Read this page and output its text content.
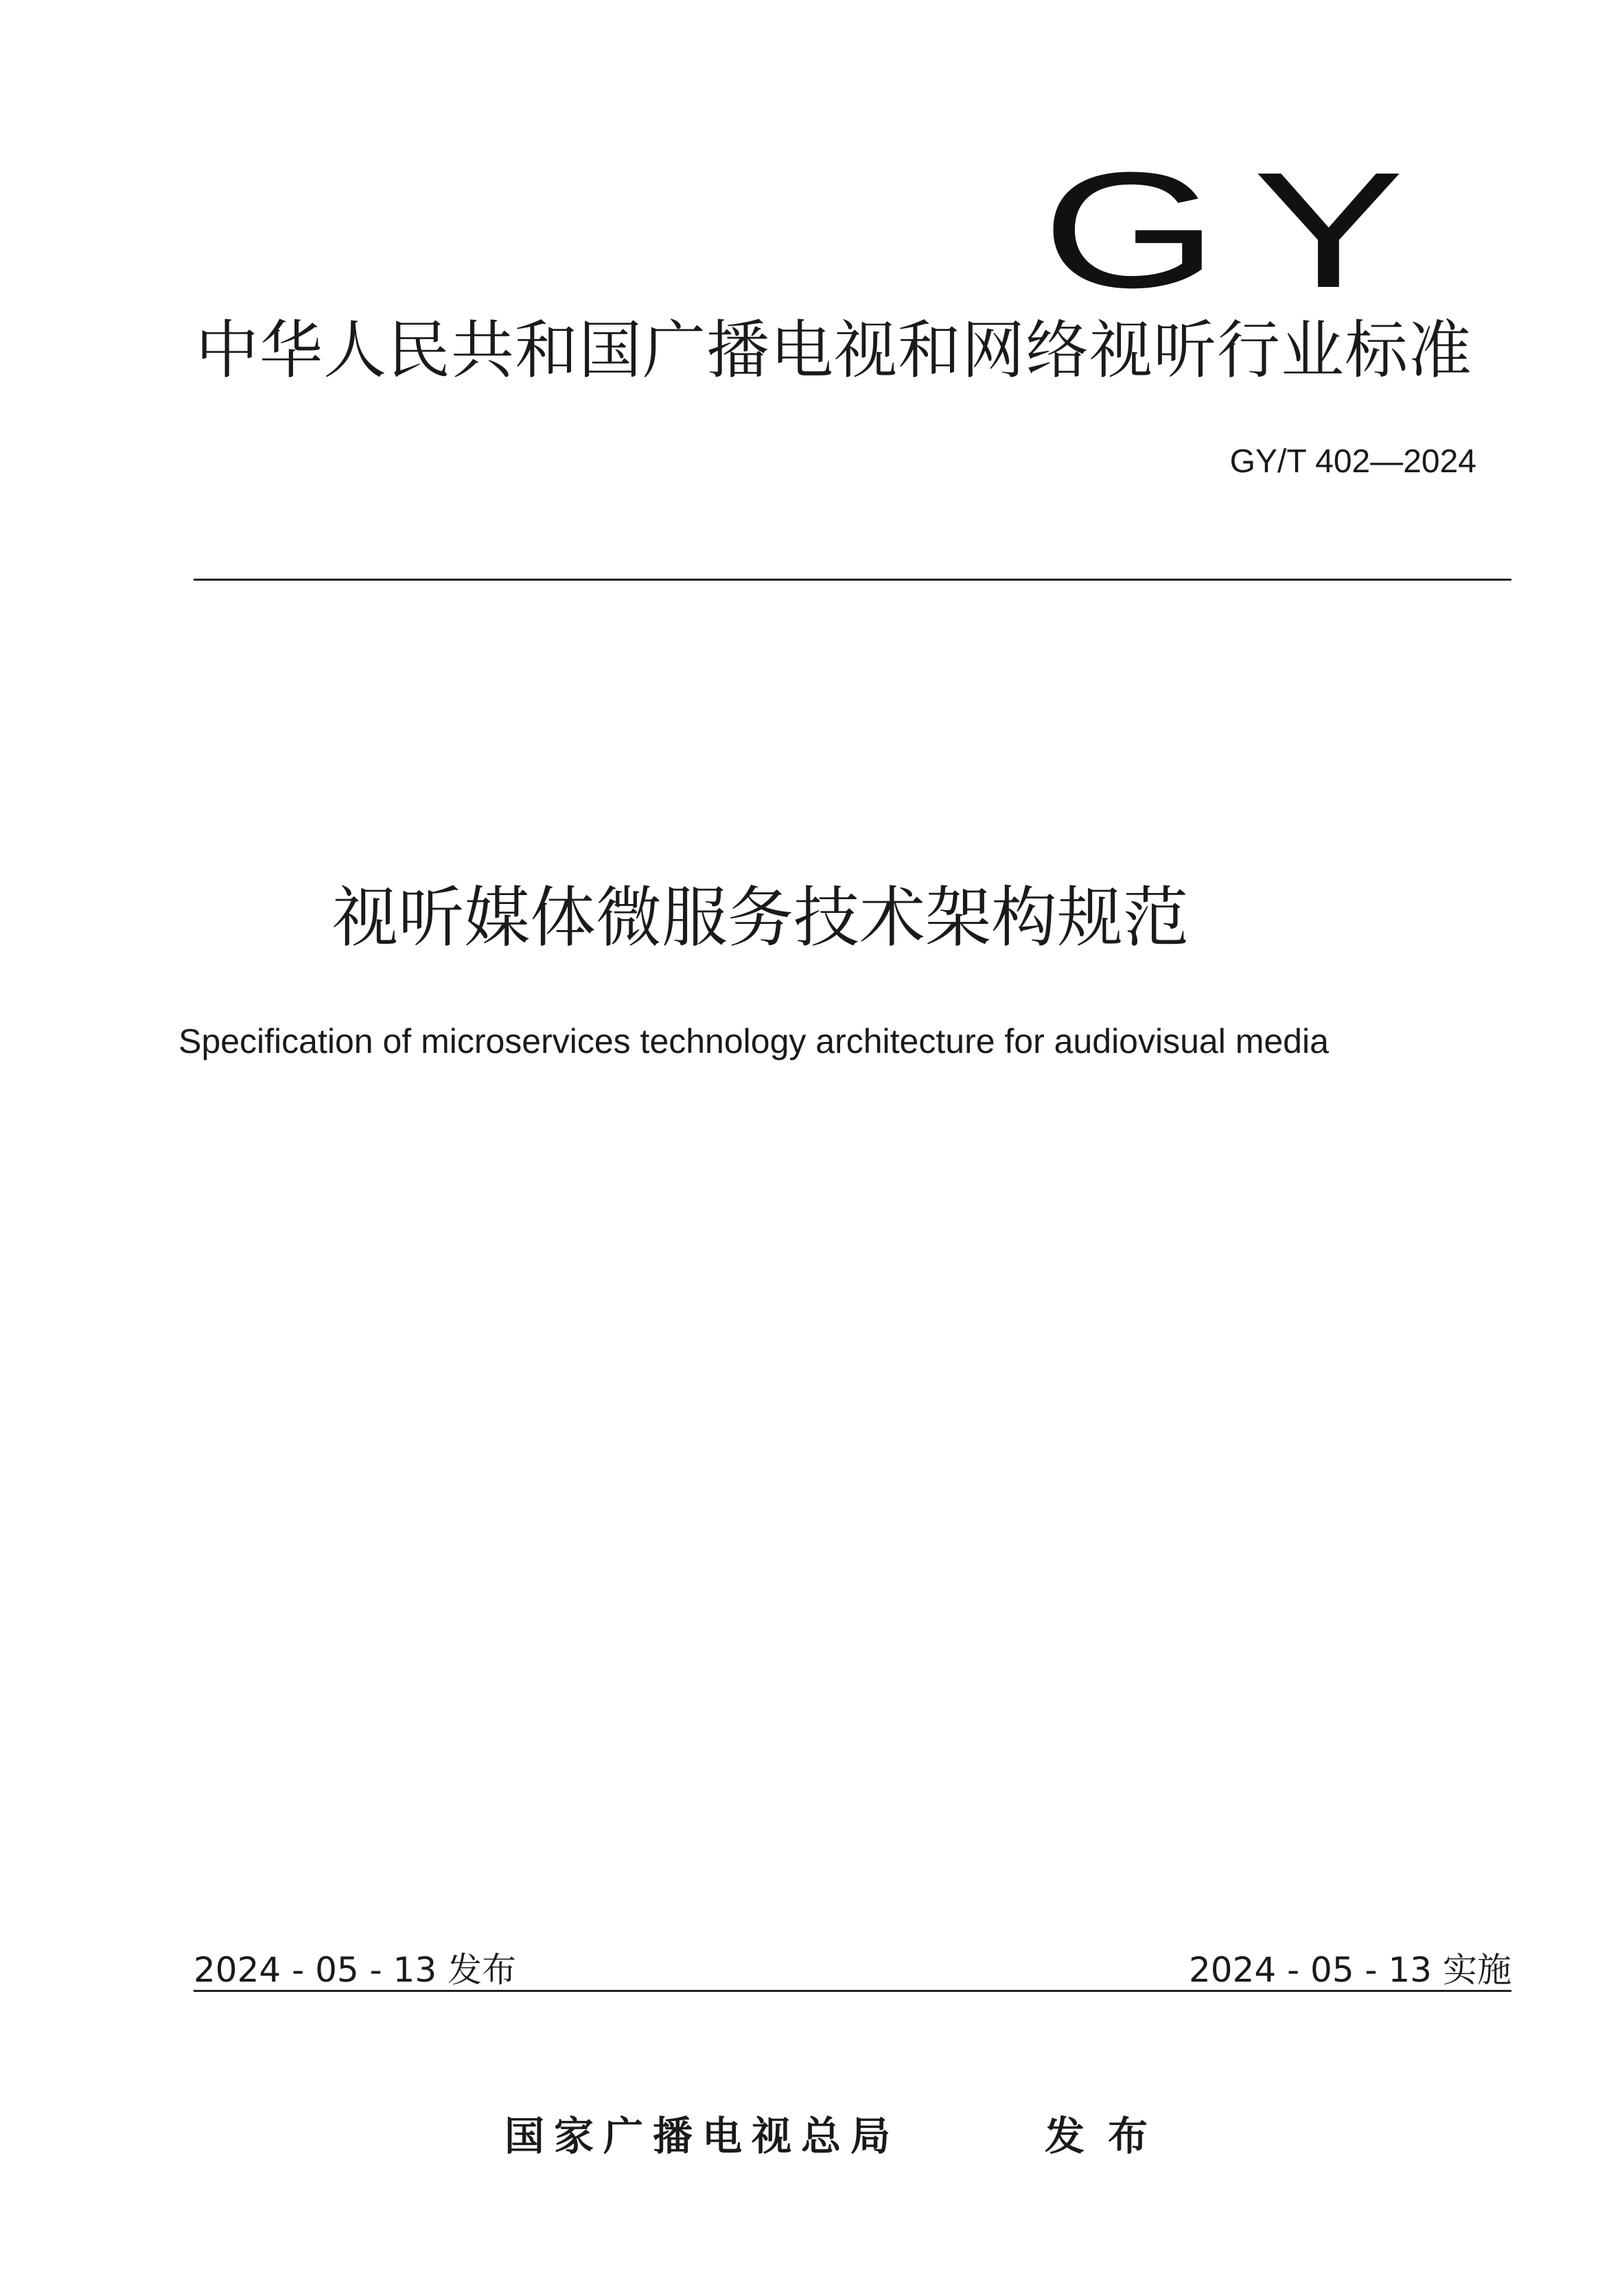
GY
中华人民共和国广播电视和网络视听行业标准
GY/T 402—2024
视听媒体微服务技术架构规范
Specification of microservices technology architecture for audiovisual media
2024 - 05 - 13 发布	2024 - 05 - 13 实施
国家广播电视总局	发布
